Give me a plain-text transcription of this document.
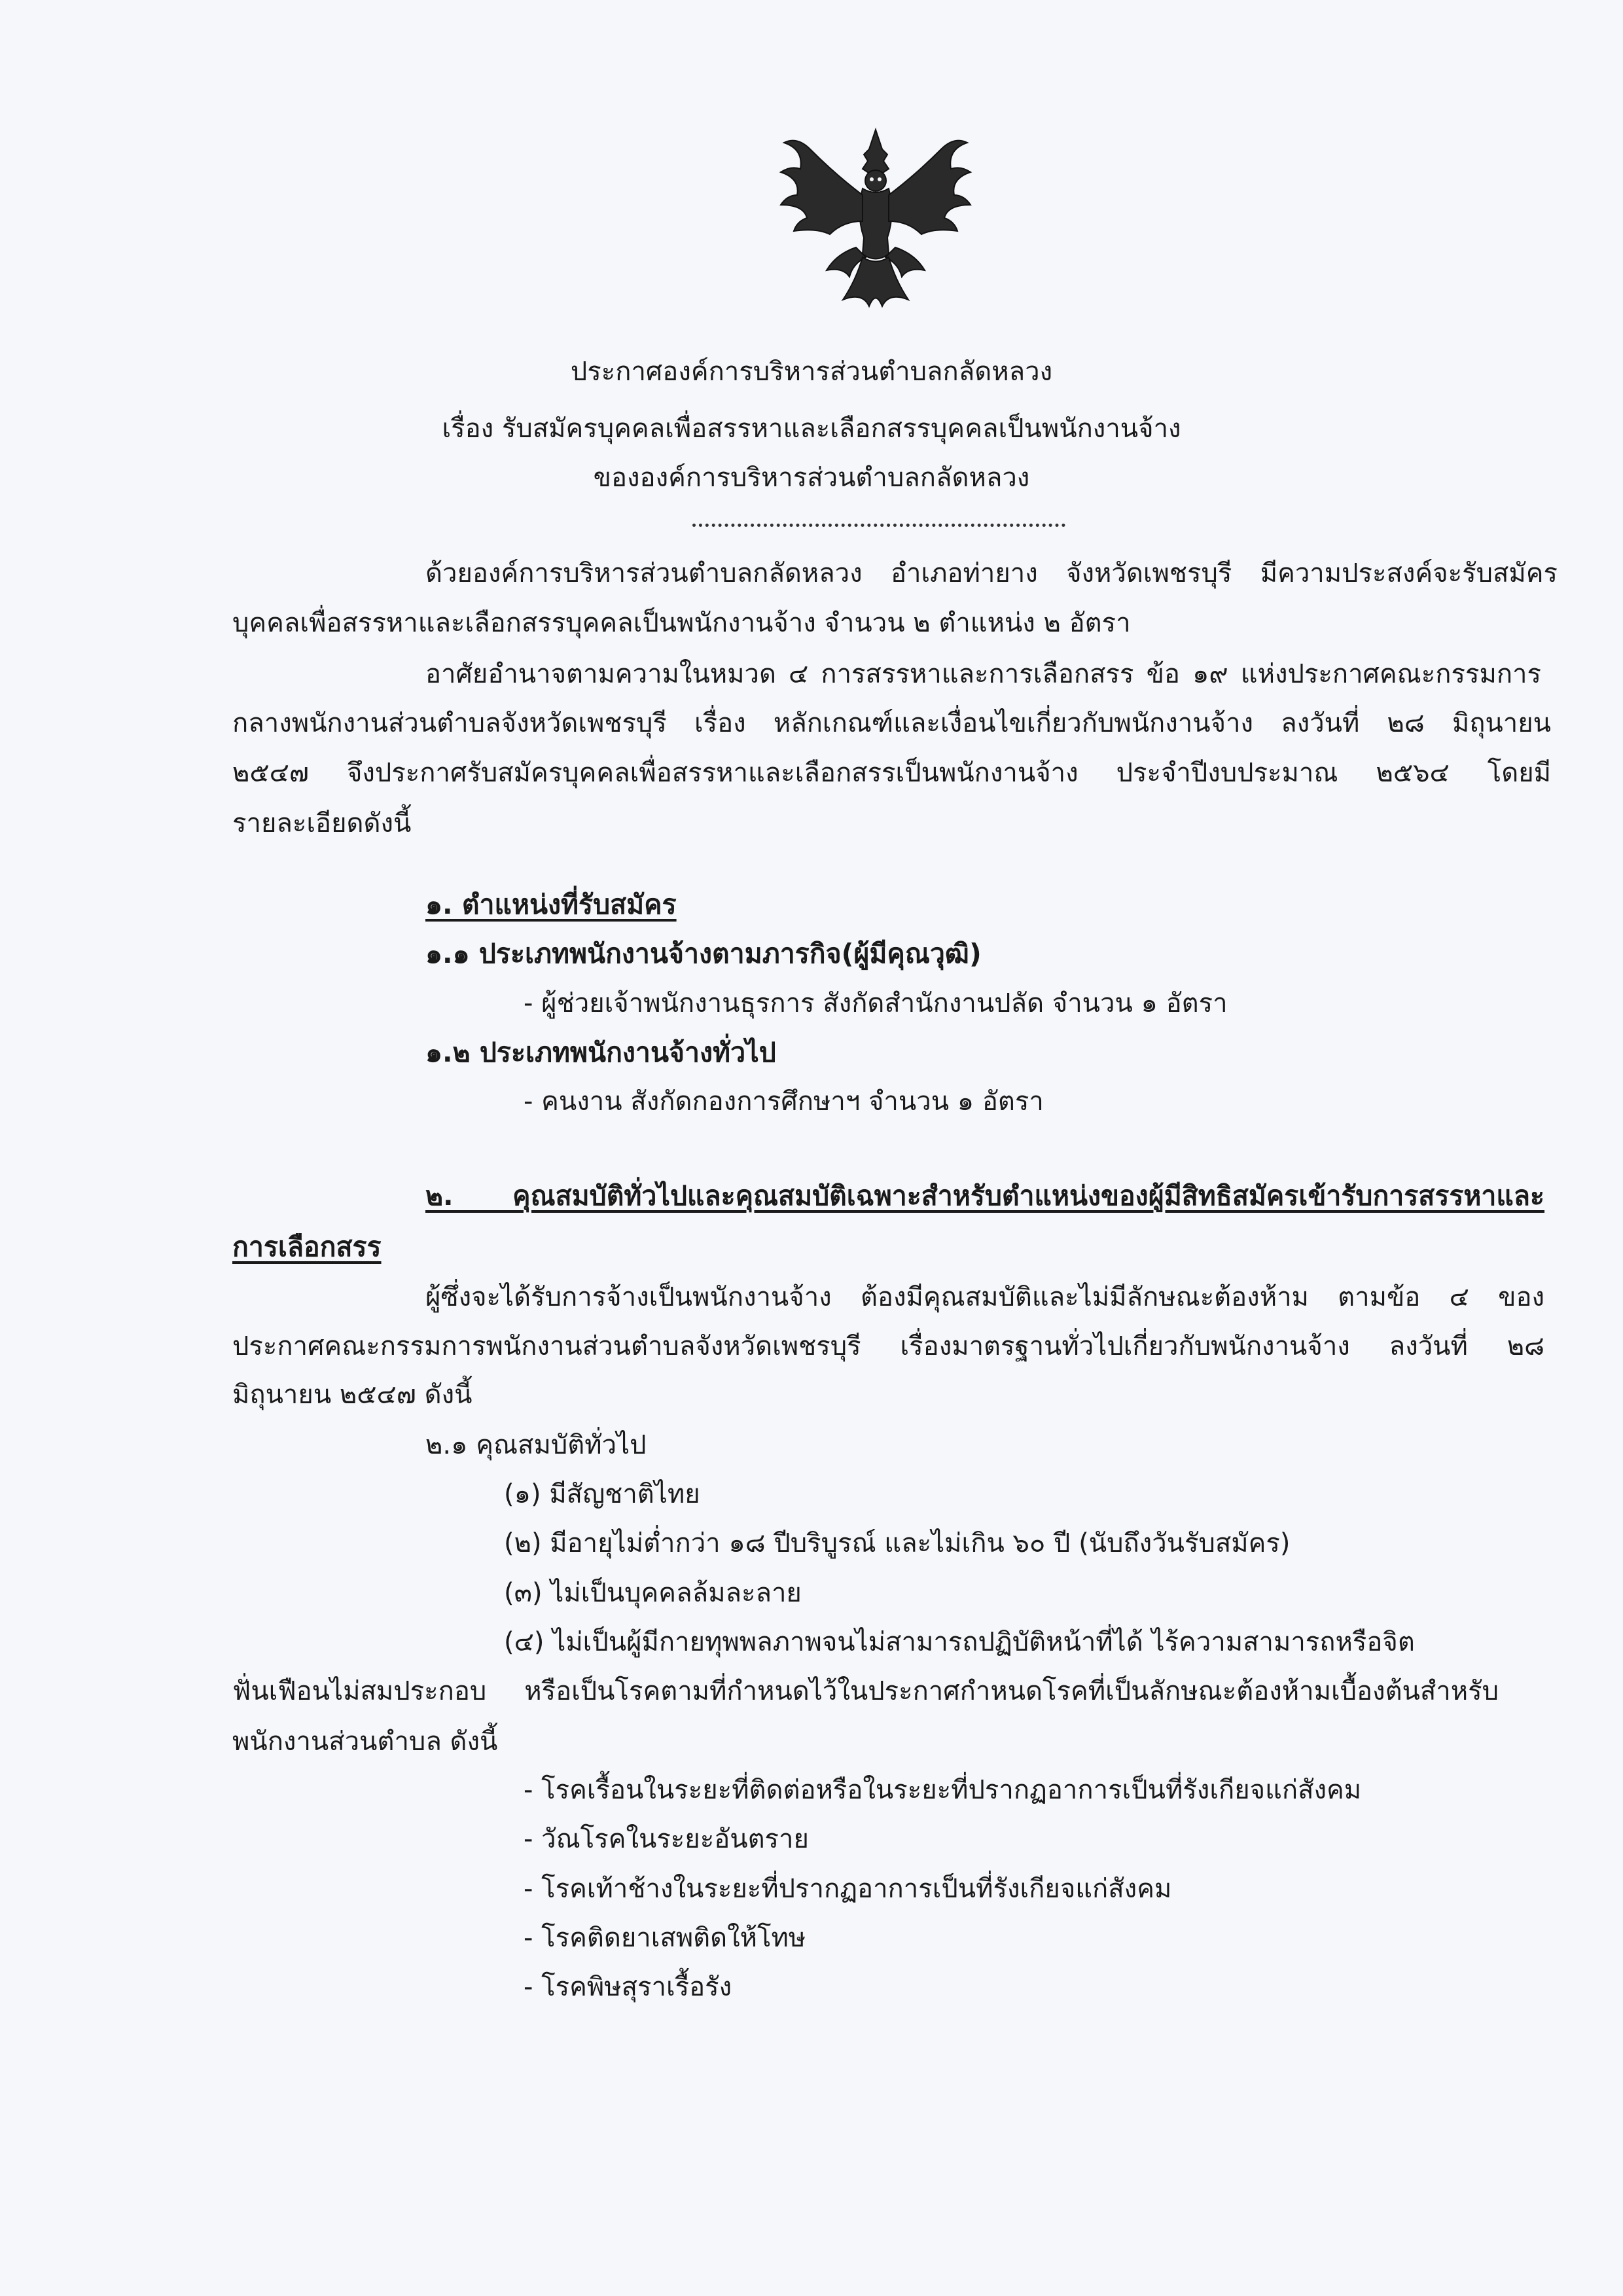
ประกาศองค์การบริหารส่วนตำบลกลัดหลวง
เรื่อง รับสมัครบุคคลเพื่อสรรหาและเลือกสรรบุคคลเป็นพนักงานจ้าง
ขององค์การบริหารส่วนตำบลกลัดหลวง
ด้วยองค์การบริหารส่วนตำบลกลัดหลวง อำเภอท่ายาง จังหวัดเพชรบุรี มีความประสงค์จะรับสมัคร
บุคคลเพื่อสรรหาและเลือกสรรบุคคลเป็นพนักงานจ้าง จำนวน ๒ ตำแหน่ง ๒ อัตรา
อาศัยอำนาจตามความในหมวด ๔ การสรรหาและการเลือกสรร ข้อ ๑๙ แห่งประกาศคณะกรรมการ
กลางพนักงานส่วนตำบลจังหวัดเพชรบุรี เรื่อง หลักเกณฑ์และเงื่อนไขเกี่ยวกับพนักงานจ้าง ลงวันที่ ๒๘ มิถุนายน
๒๕๔๗ จึงประกาศรับสมัครบุคคลเพื่อสรรหาและเลือกสรรเป็นพนักงานจ้าง ประจำปีงบประมาณ ๒๕๖๔ โดยมี
รายละเอียดดังนี้
๑. ตำแหน่งที่รับสมัคร
๑.๑ ประเภทพนักงานจ้างตามภารกิจ(ผู้มีคุณวุฒิ)
- ผู้ช่วยเจ้าพนักงานธุรการ สังกัดสำนักงานปลัด จำนวน ๑ อัตรา
๑.๒ ประเภทพนักงานจ้างทั่วไป
- คนงาน สังกัดกองการศึกษาฯ จำนวน ๑ อัตรา
๒. คุณสมบัติทั่วไปและคุณสมบัติเฉพาะสำหรับตำแหน่งของผู้มีสิทธิสมัครเข้ารับการสรรหาและ
การเลือกสรร
ผู้ซึ่งจะได้รับการจ้างเป็นพนักงานจ้าง ต้องมีคุณสมบัติและไม่มีลักษณะต้องห้าม ตามข้อ ๔ ของ
ประกาศคณะกรรมการพนักงานส่วนตำบลจังหวัดเพชรบุรี เรื่องมาตรฐานทั่วไปเกี่ยวกับพนักงานจ้าง ลงวันที่ ๒๘
มิถุนายน ๒๕๔๗ ดังนี้
๒.๑ คุณสมบัติทั่วไป
(๑) มีสัญชาติไทย
(๒) มีอายุไม่ต่ำกว่า ๑๘ ปีบริบูรณ์ และไม่เกิน ๖๐ ปี (นับถึงวันรับสมัคร)
(๓) ไม่เป็นบุคคลล้มละลาย
(๔) ไม่เป็นผู้มีกายทุพพลภาพจนไม่สามารถปฏิบัติหน้าที่ได้ ไร้ความสามารถหรือจิต
ฟั่นเฟือนไม่สมประกอบ หรือเป็นโรคตามที่กำหนดไว้ในประกาศกำหนดโรคที่เป็นลักษณะต้องห้ามเบื้องต้นสำหรับ
พนักงานส่วนตำบล ดังนี้
- โรคเรื้อนในระยะที่ติดต่อหรือในระยะที่ปรากฏอาการเป็นที่รังเกียจแก่สังคม
- วัณโรคในระยะอันตราย
- โรคเท้าช้างในระยะที่ปรากฏอาการเป็นที่รังเกียจแก่สังคม
- โรคติดยาเสพติดให้โทษ
- โรคพิษสุราเรื้อรัง
